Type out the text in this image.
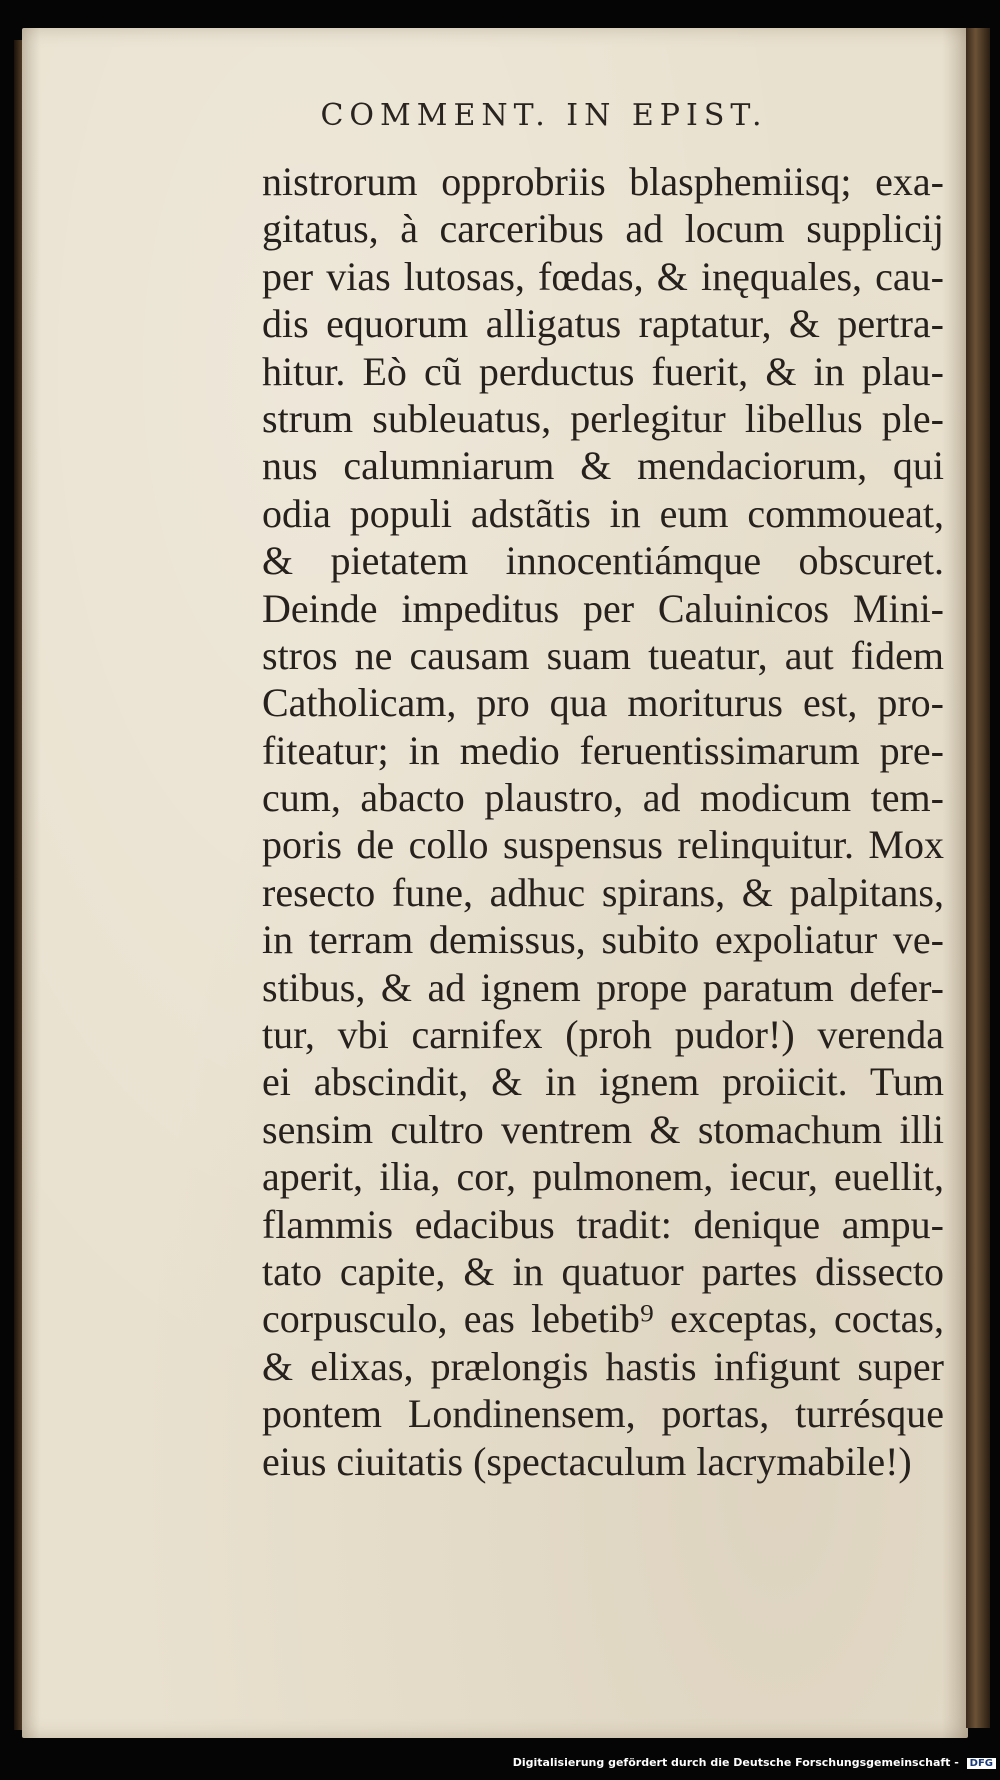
COMMENT. IN EPIST.
nistrorum opprobriis blasphemiisq; exa-
gitatus, à carceribus ad locum supplicij
per vias lutosas, fœdas, & inęquales, cau-
dis equorum alligatus raptatur, & pertra-
hitur. Eò cũ perductus fuerit, & in plau-
strum subleuatus, perlegitur libellus ple-
nus calumniarum & mendaciorum, qui
odia populi adstãtis in eum commoueat,
& pietatem innocentiámque obscuret.
Deinde impeditus per Caluinicos Mini-
stros ne causam suam tueatur, aut fidem
Catholicam, pro qua moriturus est, pro-
fiteatur; in medio feruentissimarum pre-
cum, abacto plaustro, ad modicum tem-
poris de collo suspensus relinquitur. Mox
resecto fune, adhuc spirans, & palpitans,
in terram demissus, subito expoliatur ve-
stibus, & ad ignem prope paratum defer-
tur, vbi carnifex (proh pudor!) verenda
ei abscindit, & in ignem proiicit. Tum
sensim cultro ventrem & stomachum illi
aperit, ilia, cor, pulmonem, iecur, euellit,
flammis edacibus tradit: denique ampu-
tato capite, & in quatuor partes dissecto
corpusculo, eas lebetib⁹ exceptas, coctas,
& elixas, prælongis hastis infigunt super
pontem Londinensem, portas, turrésque
eius ciuitatis (spectaculum lacrymabile!)
Digitalisierung gefördert durch die Deutsche Forschungsgemeinschaft - DFG
